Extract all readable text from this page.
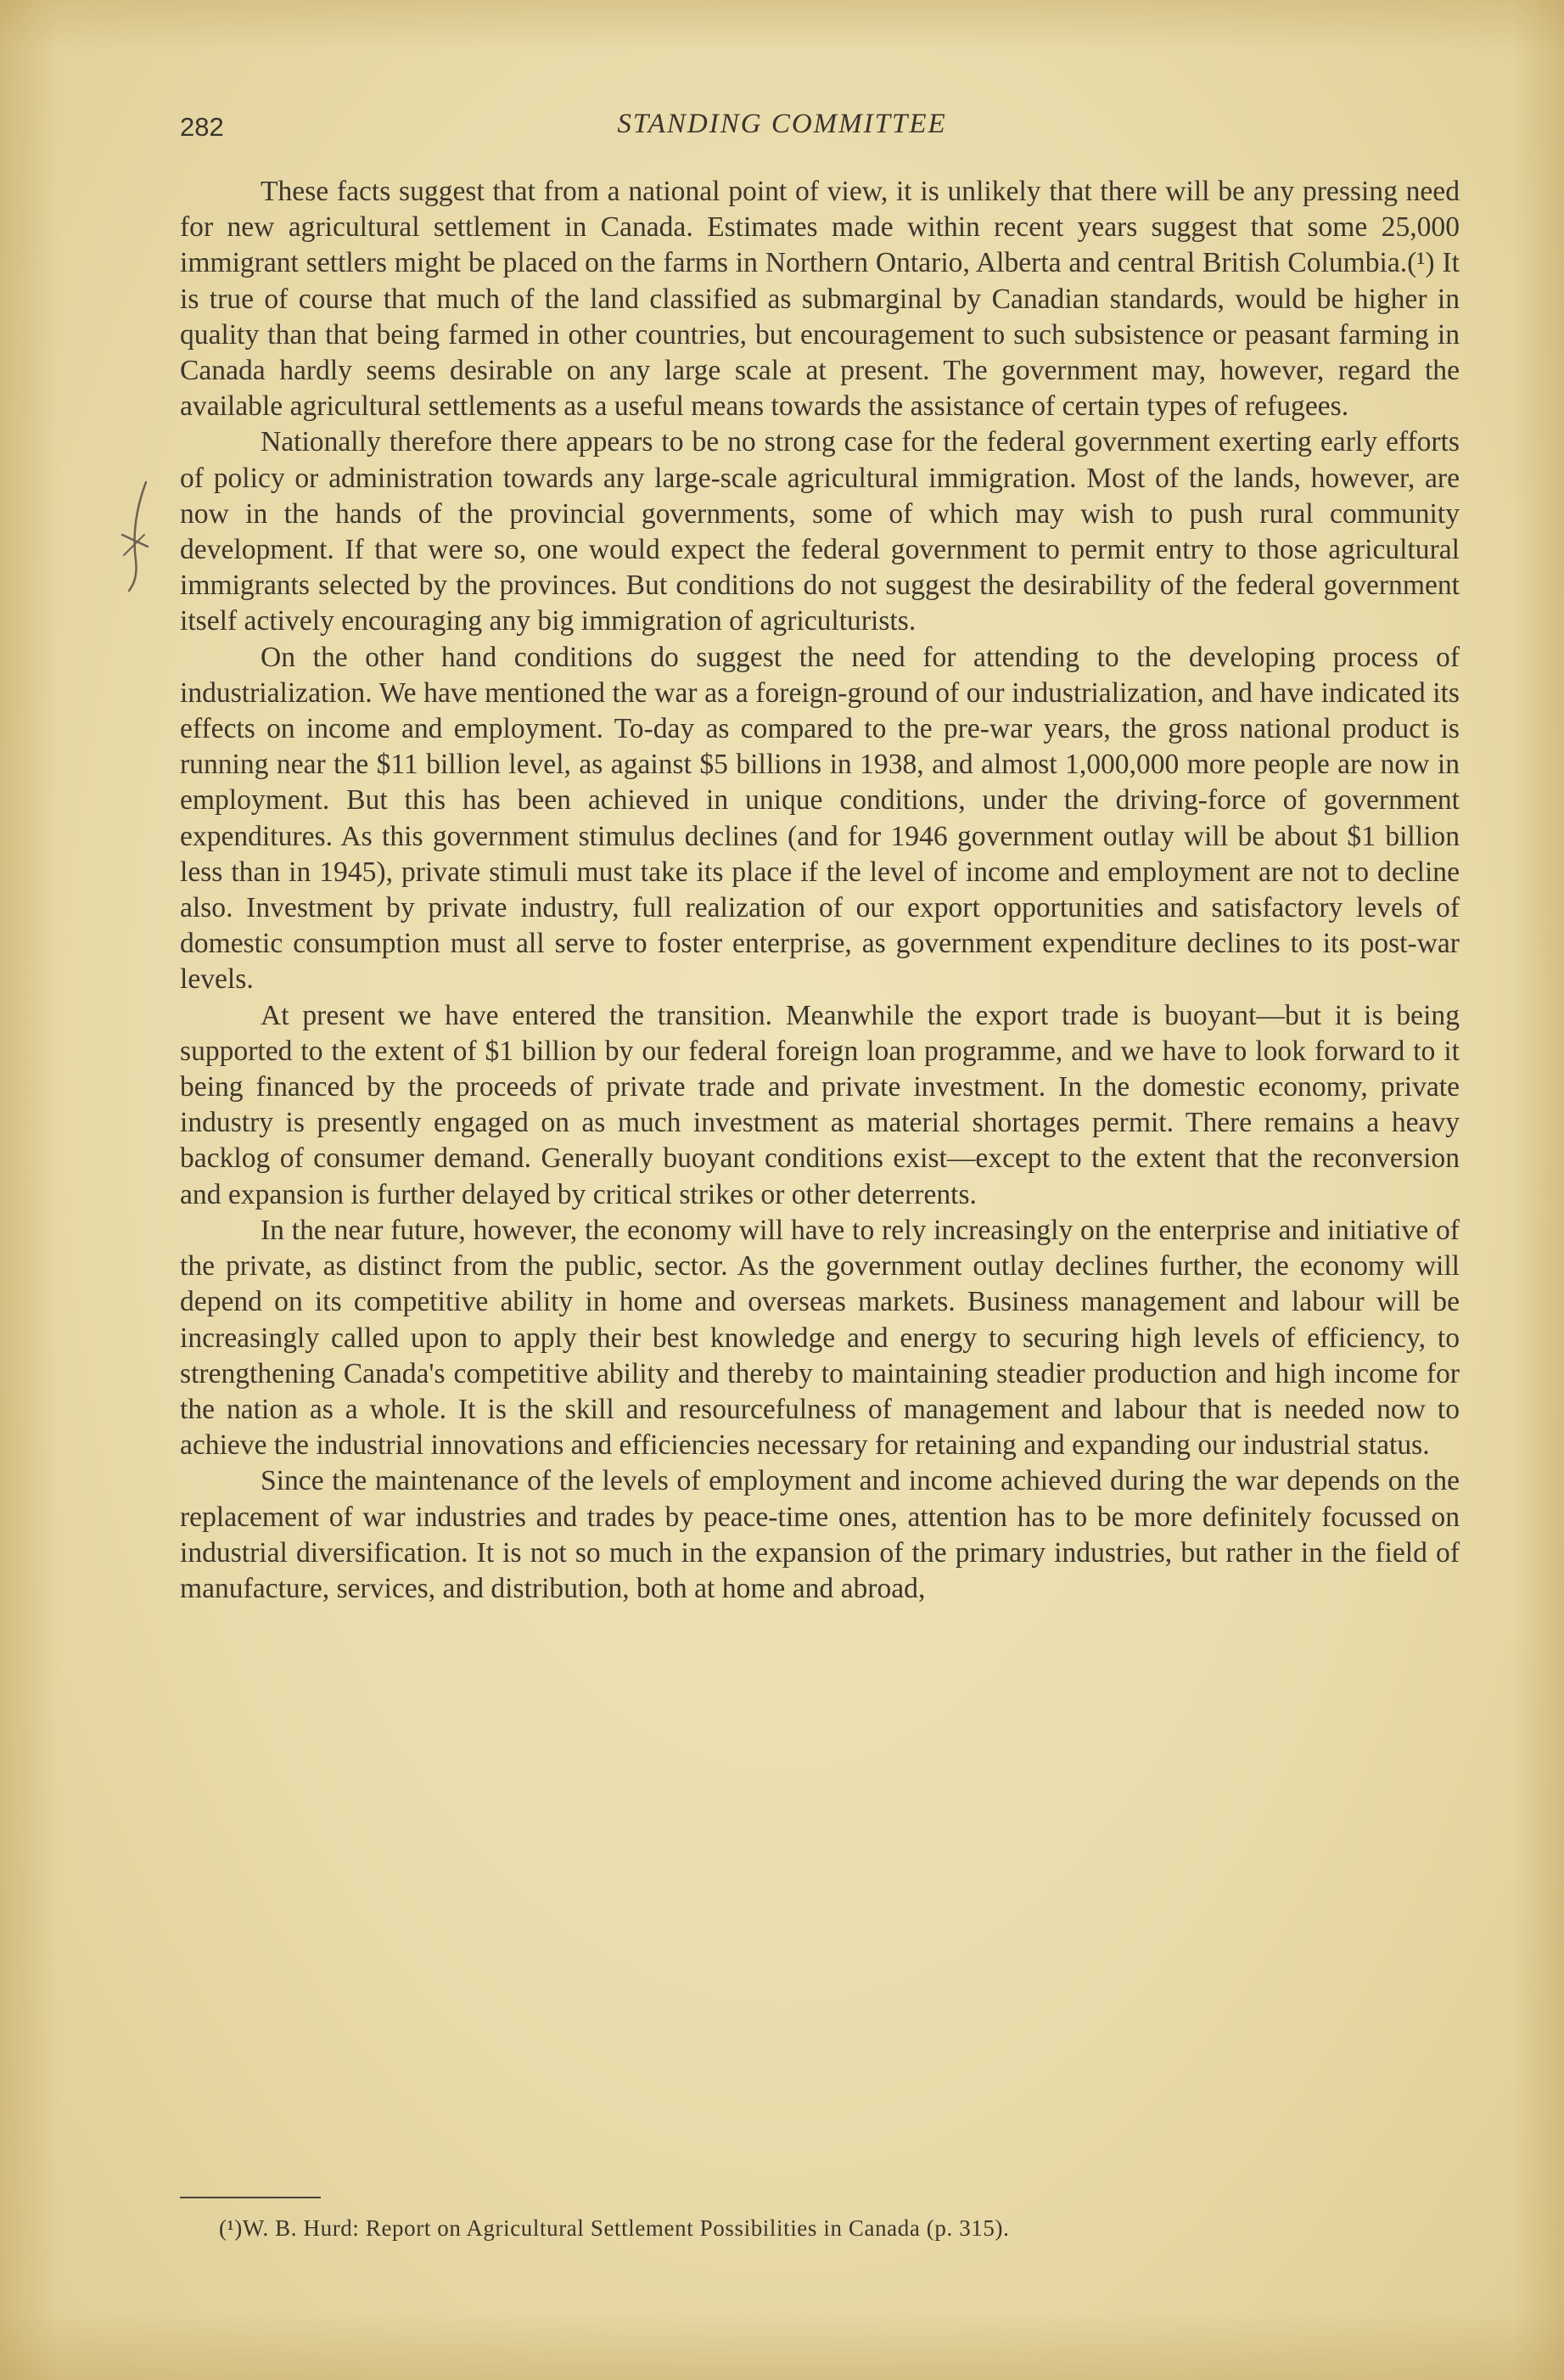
282	STANDING COMMITTEE

These facts suggest that from a national point of view, it is unlikely that there will be any pressing need for new agricultural settlement in Canada. Estimates made within recent years suggest that some 25,000 immigrant settlers might be placed on the farms in Northern Ontario, Alberta and central British Columbia.(¹) It is true of course that much of the land classified as submarginal by Canadian standards, would be higher in quality than that being farmed in other countries, but encouragement to such subsistence or peasant farming in Canada hardly seems desirable on any large scale at present. The government may, however, regard the available agricultural settlements as a useful means towards the assistance of certain types of refugees.

Nationally therefore there appears to be no strong case for the federal government exerting early efforts of policy or administration towards any large-scale agricultural immigration. Most of the lands, however, are now in the hands of the provincial governments, some of which may wish to push rural community development. If that were so, one would expect the federal government to permit entry to those agricultural immigrants selected by the provinces. But conditions do not suggest the desirability of the federal government itself actively encouraging any big immigration of agriculturists.

On the other hand conditions do suggest the need for attending to the developing process of industrialization. We have mentioned the war as a foreign-ground of our industrialization, and have indicated its effects on income and employment. To-day as compared to the pre-war years, the gross national product is running near the $11 billion level, as against $5 billions in 1938, and almost 1,000,000 more people are now in employment. But this has been achieved in unique conditions, under the driving-force of government expenditures. As this government stimulus declines (and for 1946 government outlay will be about $1 billion less than in 1945), private stimuli must take its place if the level of income and employment are not to decline also. Investment by private industry, full realization of our export opportunities and satisfactory levels of domestic consumption must all serve to foster enterprise, as government expenditure declines to its post-war levels.

At present we have entered the transition. Meanwhile the export trade is buoyant—but it is being supported to the extent of $1 billion by our federal foreign loan programme, and we have to look forward to it being financed by the proceeds of private trade and private investment. In the domestic economy, private industry is presently engaged on as much investment as material shortages permit. There remains a heavy backlog of consumer demand. Generally buoyant conditions exist—except to the extent that the reconversion and expansion is further delayed by critical strikes or other deterrents.

In the near future, however, the economy will have to rely increasingly on the enterprise and initiative of the private, as distinct from the public, sector. As the government outlay declines further, the economy will depend on its competitive ability in home and overseas markets. Business management and labour will be increasingly called upon to apply their best knowledge and energy to securing high levels of efficiency, to strengthening Canada's competitive ability and thereby to maintaining steadier production and high income for the nation as a whole. It is the skill and resourcefulness of management and labour that is needed now to achieve the industrial innovations and efficiencies necessary for retaining and expanding our industrial status.

Since the maintenance of the levels of employment and income achieved during the war depends on the replacement of war industries and trades by peace-time ones, attention has to be more definitely focussed on industrial diversification. It is not so much in the expansion of the primary industries, but rather in the field of manufacture, services, and distribution, both at home and abroad,

(¹)W. B. Hurd: Report on Agricultural Settlement Possibilities in Canada (p. 315).
